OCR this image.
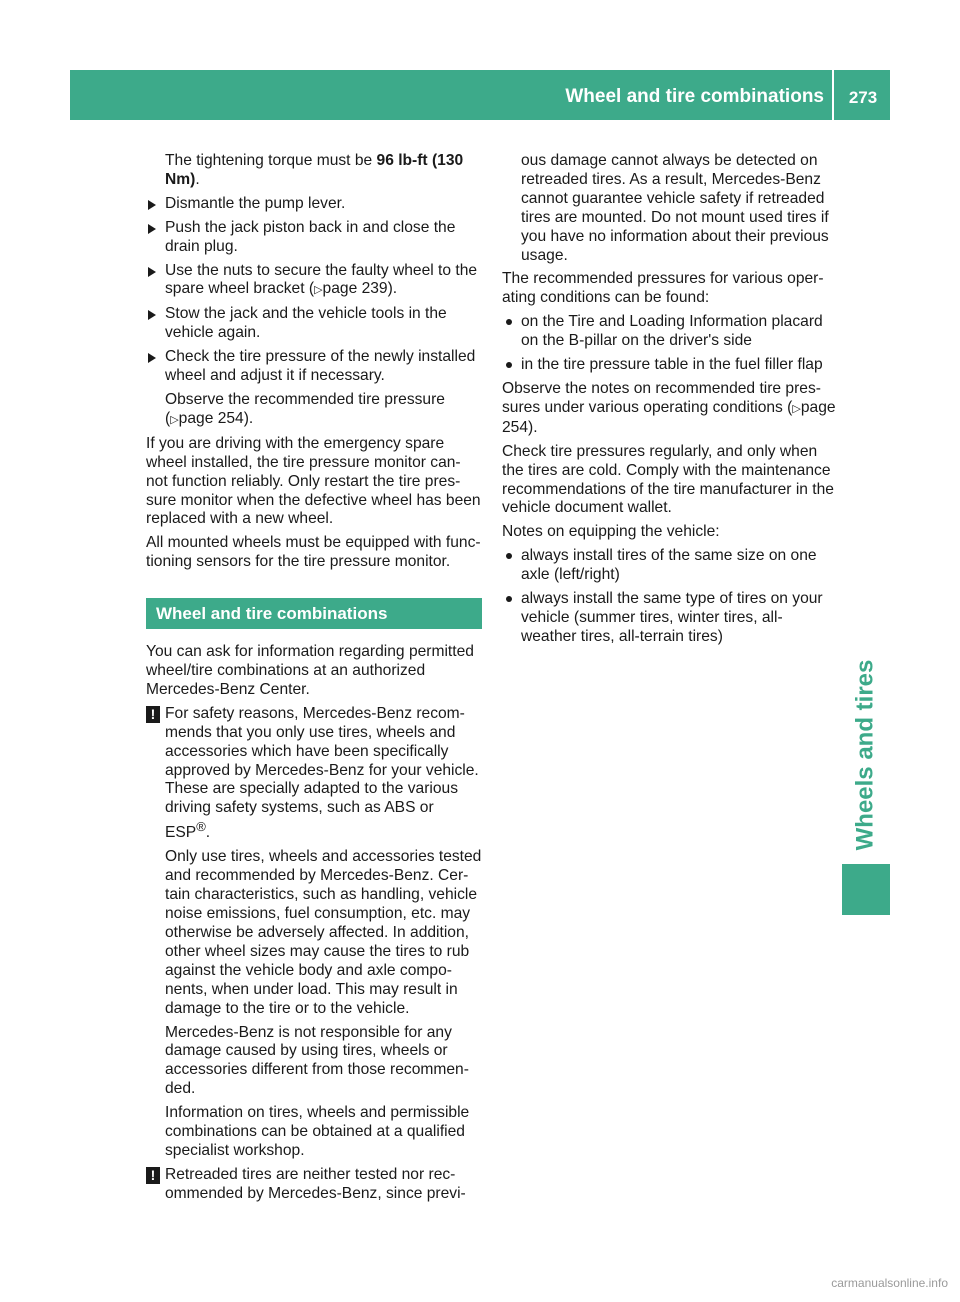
Wheel and tire combinations	273
Wheels and tires

The tightening torque must be 96 lb-ft (130 Nm).

Dismantle the pump lever.
Push the jack piston back in and close the drain plug.
Use the nuts to secure the faulty wheel to the spare wheel bracket (▷page 239).
Stow the jack and the vehicle tools in the vehicle again.
Check the tire pressure of the newly installed wheel and adjust it if necessary.

Observe the recommended tire pressure (▷page 254).

If you are driving with the emergency spare wheel installed, the tire pressure monitor can-not function reliably. Only restart the tire pres-sure monitor when the defective wheel has been replaced with a new wheel.

All mounted wheels must be equipped with func-tioning sensors for the tire pressure monitor.

Wheel and tire combinations

You can ask for information regarding permitted wheel/tire combinations at an authorized Mercedes-Benz Center.

! For safety reasons, Mercedes-Benz recom-mends that you only use tires, wheels and accessories which have been specifically approved by Mercedes-Benz for your vehicle. These are specially adapted to the various driving safety systems, such as ABS or ESP®.

Only use tires, wheels and accessories tested and recommended by Mercedes-Benz. Cer-tain characteristics, such as handling, vehicle noise emissions, fuel consumption, etc. may otherwise be adversely affected. In addition, other wheel sizes may cause the tires to rub against the vehicle body and axle compo-nents, when under load. This may result in damage to the tire or to the vehicle.

Mercedes-Benz is not responsible for any damage caused by using tires, wheels or accessories different from those recommen-ded.

Information on tires, wheels and permissible combinations can be obtained at a qualified specialist workshop.

! Retreaded tires are neither tested nor rec-ommended by Mercedes-Benz, since previ-

ous damage cannot always be detected on retreaded tires. As a result, Mercedes-Benz cannot guarantee vehicle safety if retreaded tires are mounted. Do not mount used tires if you have no information about their previous usage.

The recommended pressures for various oper-ating conditions can be found:

on the Tire and Loading Information placard on the B-pillar on the driver's side
in the tire pressure table in the fuel filler flap

Observe the notes on recommended tire pres-sures under various operating conditions (▷page 254).

Check tire pressures regularly, and only when the tires are cold. Comply with the maintenance recommendations of the tire manufacturer in the vehicle document wallet.

Notes on equipping the vehicle:

always install tires of the same size on one axle (left/right)
always install the same type of tires on your vehicle (summer tires, winter tires, all-weather tires, all-terrain tires)
carmanualsonline.info
